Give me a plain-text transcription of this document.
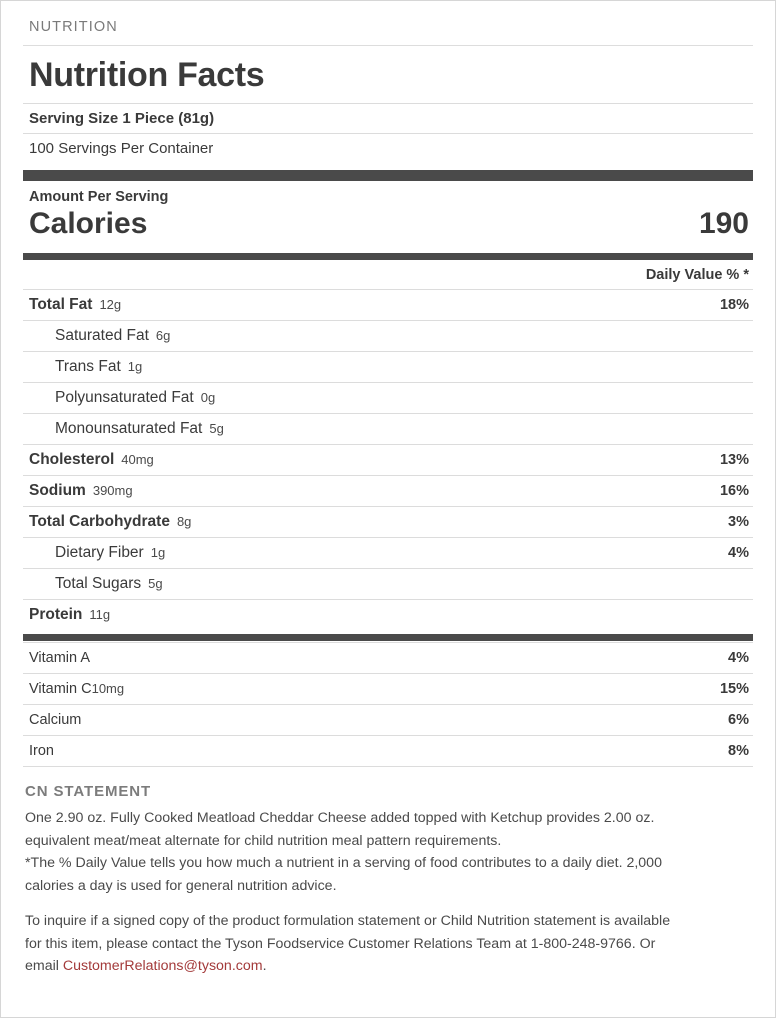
NUTRITION
Nutrition Facts
Serving Size 1 Piece (81g)
100 Servings Per Container
Amount Per Serving
Calories	190
Daily Value % *
Total Fat 12g	18%
Saturated Fat 6g
Trans Fat 1g
Polyunsaturated Fat 0g
Monounsaturated Fat 5g
Cholesterol 40mg	13%
Sodium 390mg	16%
Total Carbohydrate 8g	3%
Dietary Fiber 1g	4%
Total Sugars 5g
Protein 11g
Vitamin A	4%
Vitamin C10mg	15%
Calcium	6%
Iron	8%
CN STATEMENT
One 2.90 oz. Fully Cooked Meatload Cheddar Cheese added topped with Ketchup provides 2.00 oz.
equivalent meat/meat alternate for child nutrition meal pattern requirements.
*The % Daily Value tells you how much a nutrient in a serving of food contributes to a daily diet. 2,000
calories a day is used for general nutrition advice.
To inquire if a signed copy of the product formulation statement or Child Nutrition statement is available
for this item, please contact the Tyson Foodservice Customer Relations Team at 1-800-248-9766. Or
email CustomerRelations@tyson.com.
